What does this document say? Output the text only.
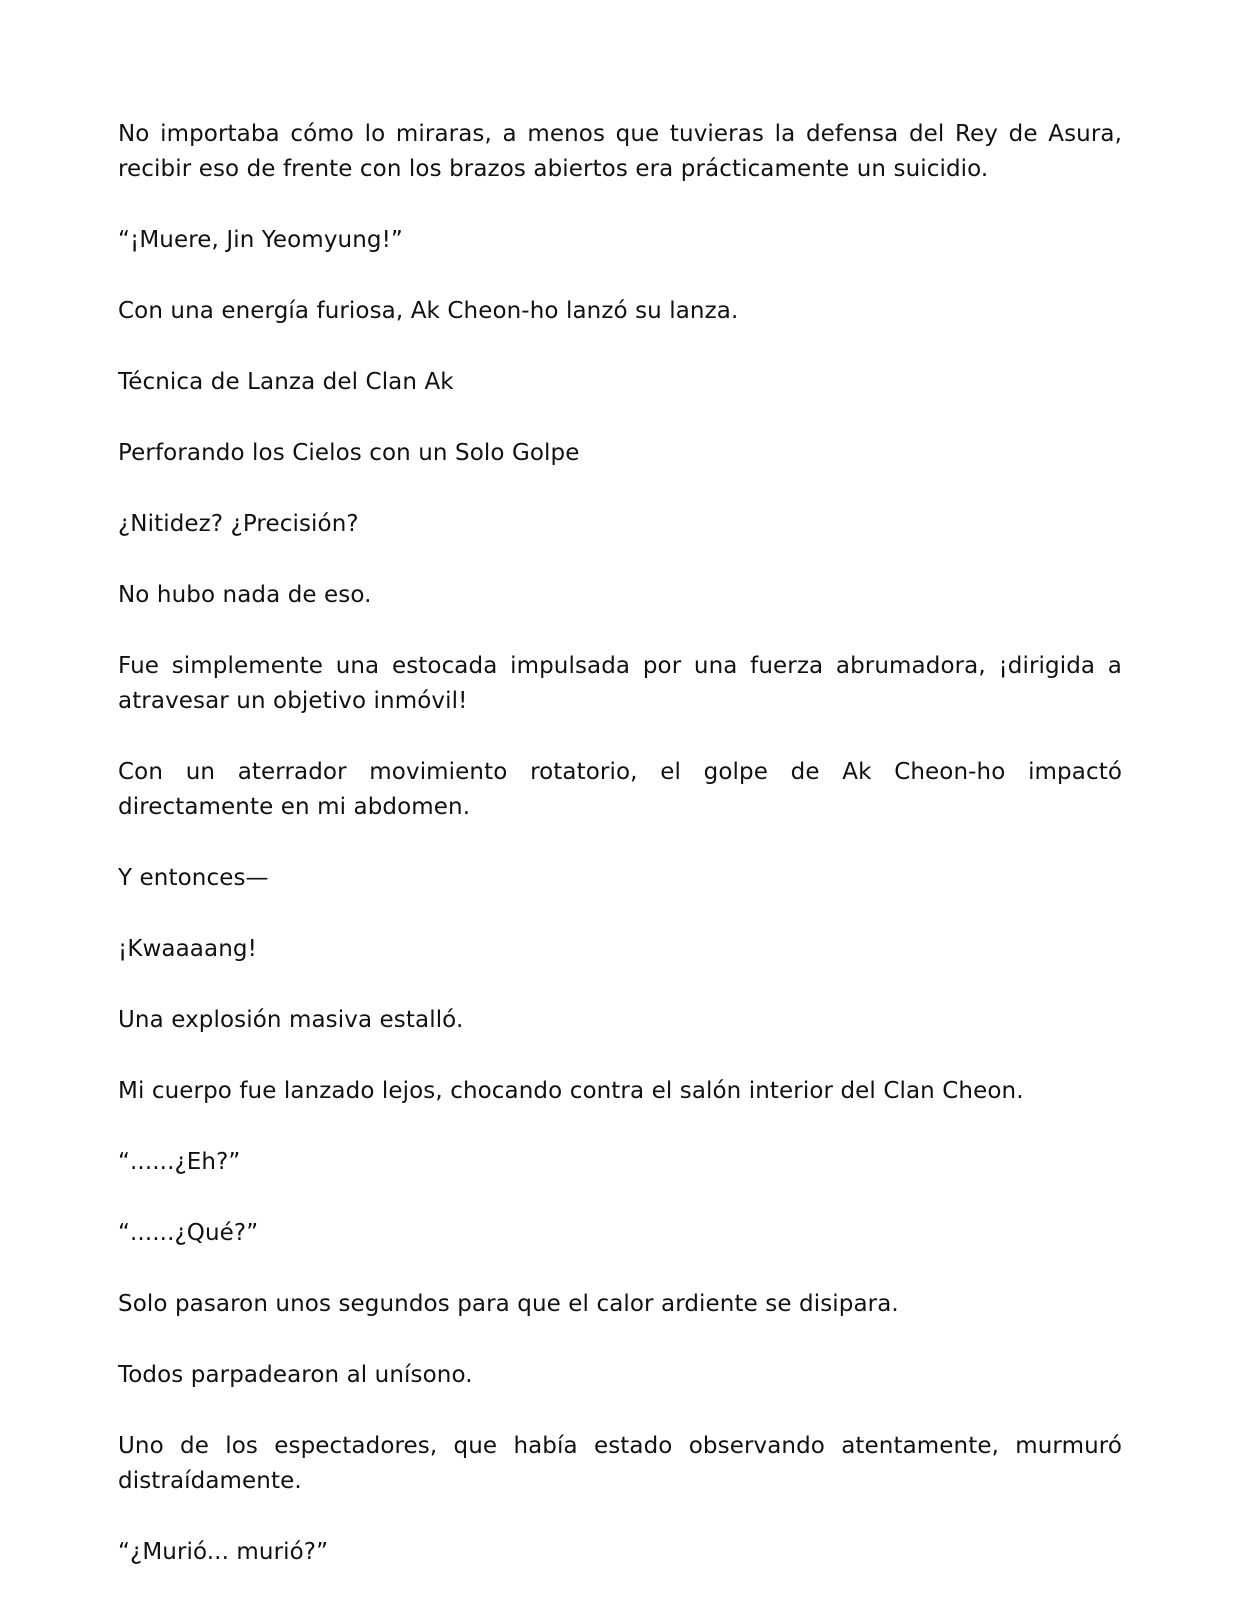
No importaba cómo lo miraras, a menos que tuvieras la defensa del Rey de Asura, recibir eso de frente con los brazos abiertos era prácticamente un suicidio.

“¡Muere, Jin Yeomyung!”

Con una energía furiosa, Ak Cheon-ho lanzó su lanza.

Técnica de Lanza del Clan Ak

Perforando los Cielos con un Solo Golpe

¿Nitidez? ¿Precisión?

No hubo nada de eso.

Fue simplemente una estocada impulsada por una fuerza abrumadora, ¡dirigida a atravesar un objetivo inmóvil!

Con un aterrador movimiento rotatorio, el golpe de Ak Cheon-ho impactó directamente en mi abdomen.

Y entonces—

¡Kwaaaang!

Una explosión masiva estalló.

Mi cuerpo fue lanzado lejos, chocando contra el salón interior del Clan Cheon.

“......¿Eh?”

“......¿Qué?”

Solo pasaron unos segundos para que el calor ardiente se disipara.

Todos parpadearon al unísono.

Uno de los espectadores, que había estado observando atentamente, murmuró distraídamente.

“¿Murió... murió?”
